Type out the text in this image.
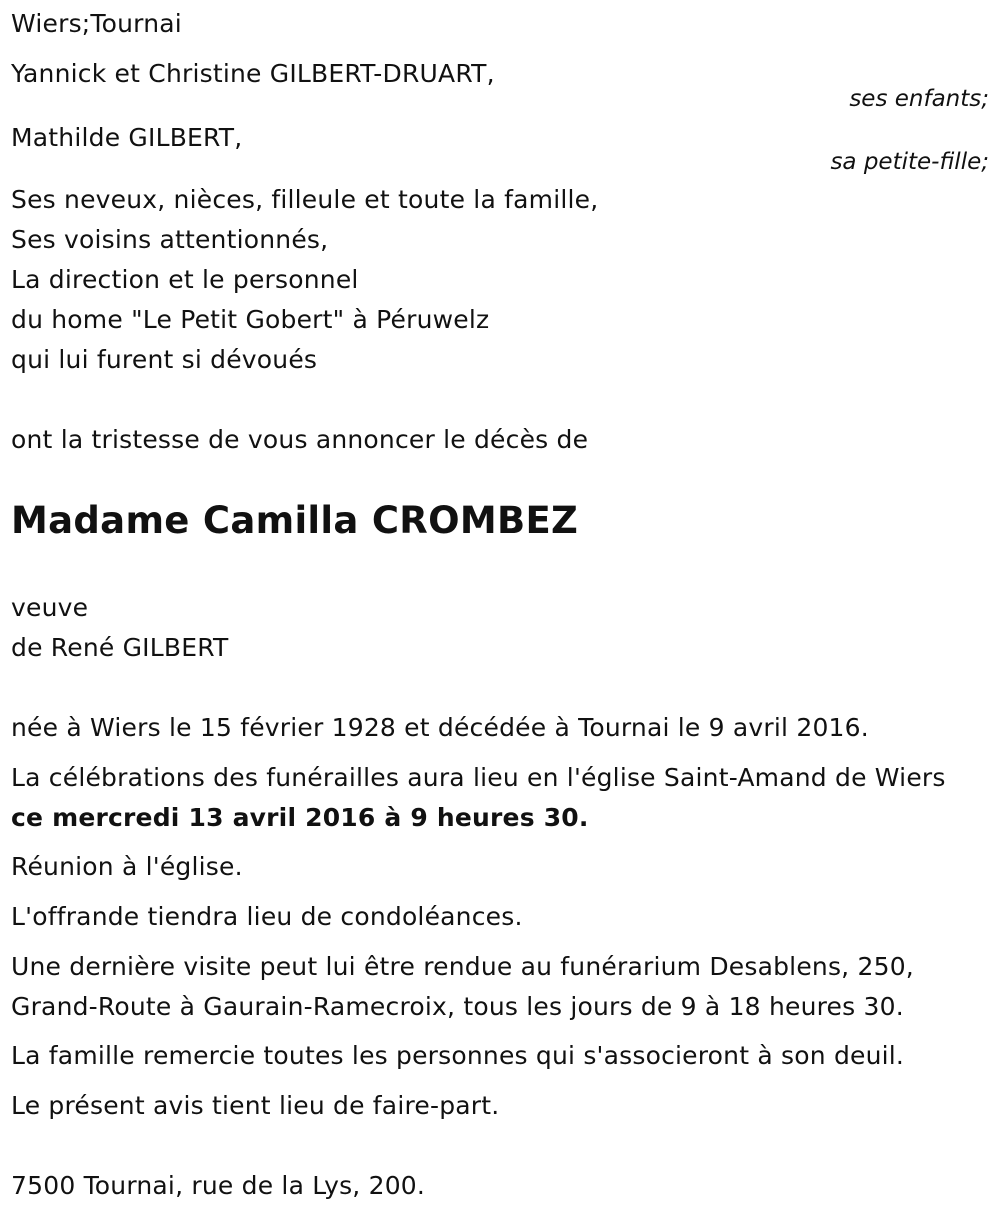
Wiers;Tournai
Yannick et Christine GILBERT-DRUART,
ses enfants;
Mathilde GILBERT,
sa petite-fille;
Ses neveux, nièces, filleule et toute la famille,
Ses voisins attentionnés,
La direction et le personnel
du home "Le Petit Gobert" à Péruwelz
qui lui furent si dévoués
ont la tristesse de vous annoncer le décès de
Madame Camilla CROMBEZ
veuve
de René GILBERT
née à Wiers le 15 février 1928 et décédée à Tournai le 9 avril 2016.
La célébrations des funérailles aura lieu en l'église Saint-Amand de Wiers
ce mercredi 13 avril 2016 à 9 heures 30.
Réunion à l'église.
L'offrande tiendra lieu de condoléances.
Une dernière visite peut lui être rendue au funérarium Desablens, 250,
Grand-Route à Gaurain-Ramecroix, tous les jours de 9 à 18 heures 30.
La famille remercie toutes les personnes qui s'associeront à son deuil.
Le présent avis tient lieu de faire-part.
7500 Tournai, rue de la Lys, 200.
